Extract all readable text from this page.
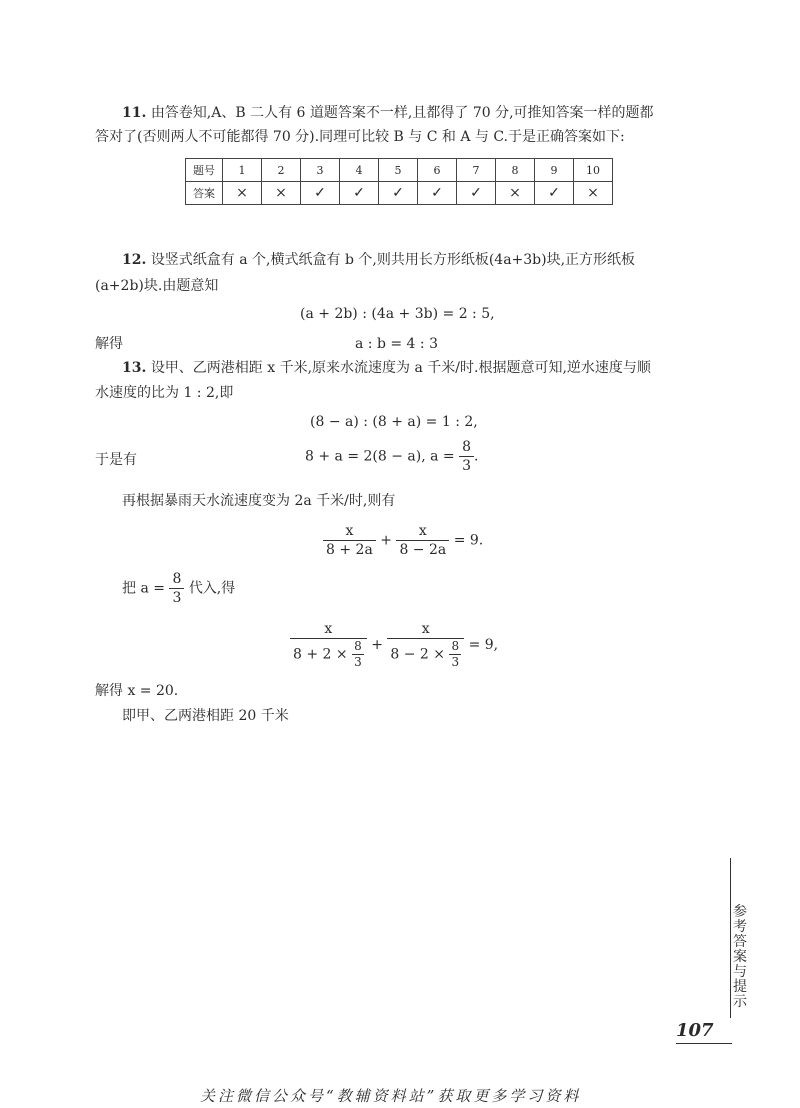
11. 由答卷知,A、B 二人有 6 道题答案不一样,且都得了 70 分,可推知答案一样的题都
答对了(否则两人不可能都得 70 分).同理可比较 B 与 C 和 A 与 C.于是正确答案如下:
题号	1	2	3	4	5	6	7	8	9	10
答案	×	×	✓	✓	✓	✓	✓	×	✓	×
12. 设竖式纸盒有 a 个,横式纸盒有 b 个,则共用长方形纸板(4a+3b)块,正方形纸板
(a+2b)块.由题意知
(a + 2b) : (4a + 3b) = 2 : 5,
解得	a : b = 4 : 3
13. 设甲、乙两港相距 x 千米,原来水流速度为 a 千米/时.根据题意可知,逆水速度与顺
水速度的比为 1 : 2,即
(8 − a) : (8 + a) = 1 : 2,
于是有	8 + a = 2(8 − a), $a = \frac{8}{3}$ .
再根据暴雨天水流速度变为 2a 千米/时,则有
$\frac{x}{8 + 2a} + \frac{x}{8 - 2a} = 9$.
把 $a = \frac{8}{3}$ 代入,得
$\frac{x}{8 + 2 \times \frac{8}{3}} + \frac{x}{8 - 2 \times \frac{8}{3}} = 9$,
解得 x = 20.
即甲、乙两港相距 20 千米
参考答案与提示
107
关注微信公众号“教辅资料站”获取更多学习资料
